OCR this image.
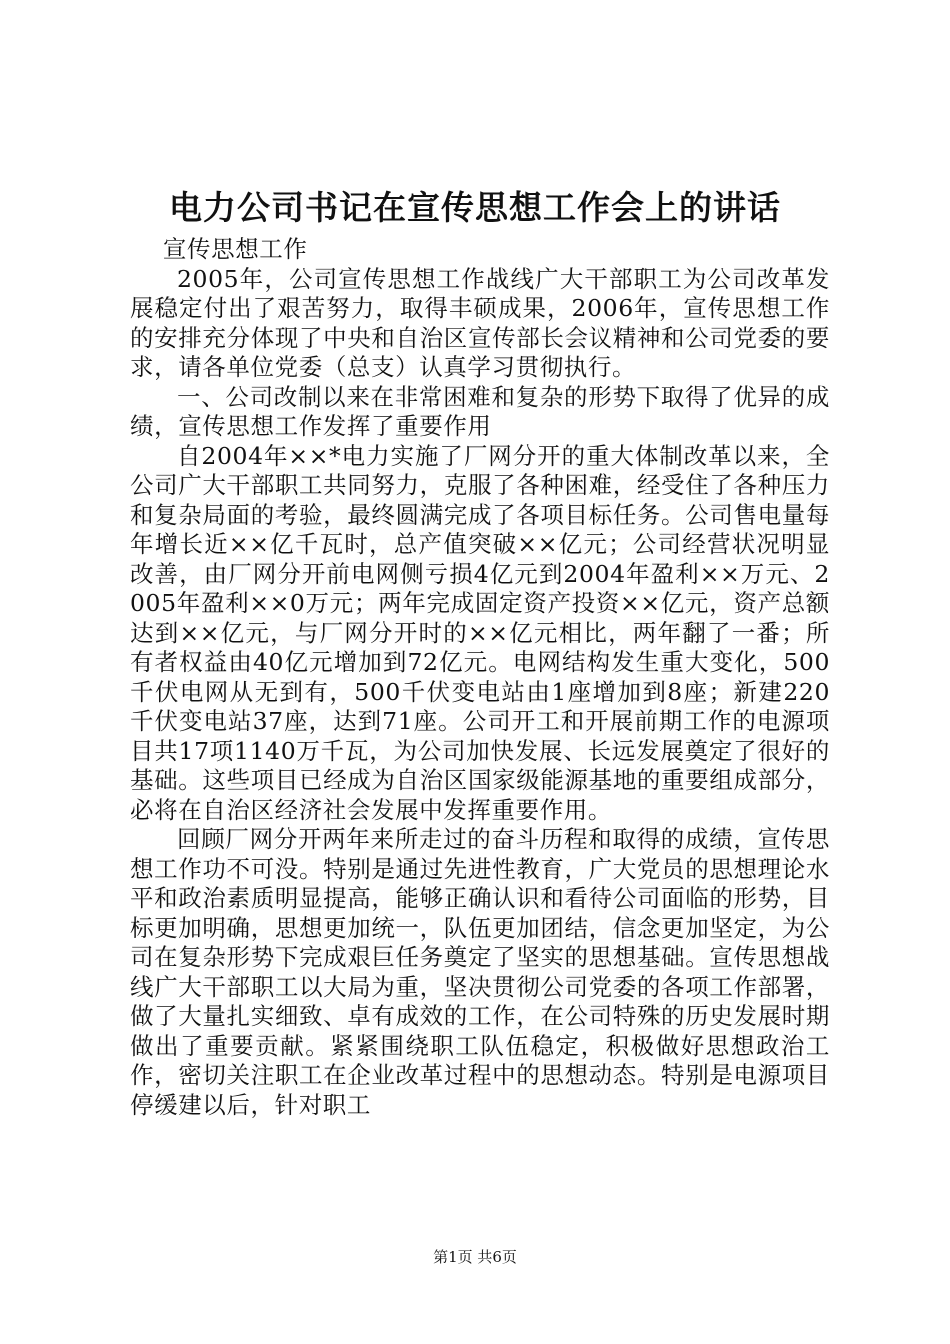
电力公司书记在宣传思想工作会上的讲话

宣传思想工作

2005年，公司宣传思想工作战线广大干部职工为公司改革发展稳定付出了艰苦努力，取得丰硕成果，2006年，宣传思想工作的安排充分体现了中央和自治区宣传部长会议精神和公司党委的要求，请各单位党委（总支）认真学习贯彻执行。

一、公司改制以来在非常困难和复杂的形势下取得了优异的成绩，宣传思想工作发挥了重要作用

自2004年××*电力实施了厂网分开的重大体制改革以来，全公司广大干部职工共同努力，克服了各种困难，经受住了各种压力和复杂局面的考验，最终圆满完成了各项目标任务。公司售电量每年增长近××亿千瓦时，总产值突破××亿元；公司经营状况明显改善，由厂网分开前电网侧亏损4亿元到2004年盈利××万元、2005年盈利××0万元；两年完成固定资产投资××亿元，资产总额达到××亿元，与厂网分开时的××亿元相比，两年翻了一番；所有者权益由40亿元增加到72亿元。电网结构发生重大变化，500千伏电网从无到有，500千伏变电站由1座增加到8座；新建220千伏变电站37座，达到71座。公司开工和开展前期工作的电源项目共17项1140万千瓦，为公司加快发展、长远发展奠定了很好的基础。这些项目已经成为自治区国家级能源基地的重要组成部分，必将在自治区经济社会发展中发挥重要作用。

回顾厂网分开两年来所走过的奋斗历程和取得的成绩，宣传思想工作功不可没。特别是通过先进性教育，广大党员的思想理论水平和政治素质明显提高，能够正确认识和看待公司面临的形势，目标更加明确，思想更加统一，队伍更加团结，信念更加坚定，为公司在复杂形势下完成艰巨任务奠定了坚实的思想基础。宣传思想战线广大干部职工以大局为重，坚决贯彻公司党委的各项工作部署，做了大量扎实细致、卓有成效的工作，在公司特殊的历史发展时期做出了重要贡献。紧紧围绕职工队伍稳定，积极做好思想政治工作，密切关注职工在企业改革过程中的思想动态。特别是电源项目停缓建以后，针对职工

第1页 共6页
